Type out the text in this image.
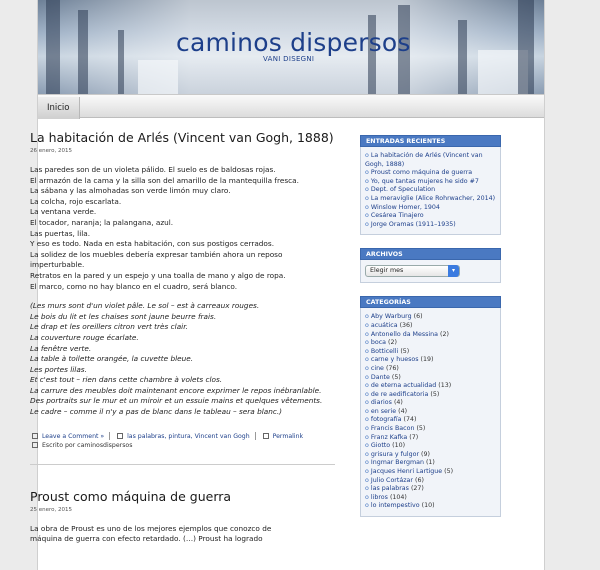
caminos dispersos
VANI DISEGNI
Inicio
La habitación de Arlés (Vincent van Gogh, 1888)
26 enero, 2015

Las paredes son de un violeta pálido. El suelo es de baldosas rojas.
El armazón de la cama y la silla son del amarillo de la mantequilla fresca.
La sábana y las almohadas son verde limón muy claro.
La colcha, rojo escarlata.
La ventana verde.
El tocador, naranja; la palangana, azul.
Las puertas, lila.
Y eso es todo. Nada en esta habitación, con sus postigos cerrados.
La solidez de los muebles debería expresar también ahora un reposo imperturbable.
Retratos en la pared y un espejo y una toalla de mano y algo de ropa.
El marco, como no hay blanco en el cuadro, será blanco.

(Les murs sont d'un violet pâle. Le sol – est à carreaux rouges.
Le bois du lit et les chaises sont jaune beurre frais.
Le drap et les oreillers citron vert très clair.
La couverture rouge écarlate.
La fenêtre verte.
La table à toilette orangée, la cuvette bleue.
Les portes lilas.
Et c'est tout – rien dans cette chambre à volets clos.
La carrure des meubles doit maintenant encore exprimer le repos inébranlable.
Des portraits sur le mur et un miroir et un essuie mains et quelques vêtements.
Le cadre – comme il n'y a pas de blanc dans le tableau – sera blanc.)

Leave a Comment »	las palabras, pintura, Vincent van Gogh	Permalink
Escrito por caminosdispersos
Proust como máquina de guerra
25 enero, 2015

La obra de Proust es uno de los mejores ejemplos que conozco de

máquina de guerra con efecto retardado. (…) Proust ha logrado

ENTRADAS RECIENTES
o La habitación de Arlés (Vincent van Gogh, 1888)
o Proust como máquina de guerra
o Yo, que tantas mujeres he sido #7
o Dept. of Speculation
o La meraviglie (Alice Rohrwacher, 2014)
o Winslow Homer, 1904
o Cesárea Tinajero
o Jorge Oramas (1911–1935)
ARCHIVOS
Elegir mes	▾
CATEGORÍAS
o Aby Warburg (6)
o acuática (36)
o Antonello da Messina (2)
o boca (2)
o Botticelli (5)
o carne y huesos (19)
o cine (76)
o Dante (5)
o de eterna actualidad (13)
o de re aedificatoria (5)
o diarios (4)
o en serie (4)
o fotografía (74)
o Francis Bacon (5)
o Franz Kafka (7)
o Giotto (10)
o grisura y fulgor (9)
o Ingmar Bergman (1)
o Jacques Henri Lartigue (5)
o Julio Cortázar (6)
o las palabras (27)
o libros (104)
o lo intempestivo (10)
